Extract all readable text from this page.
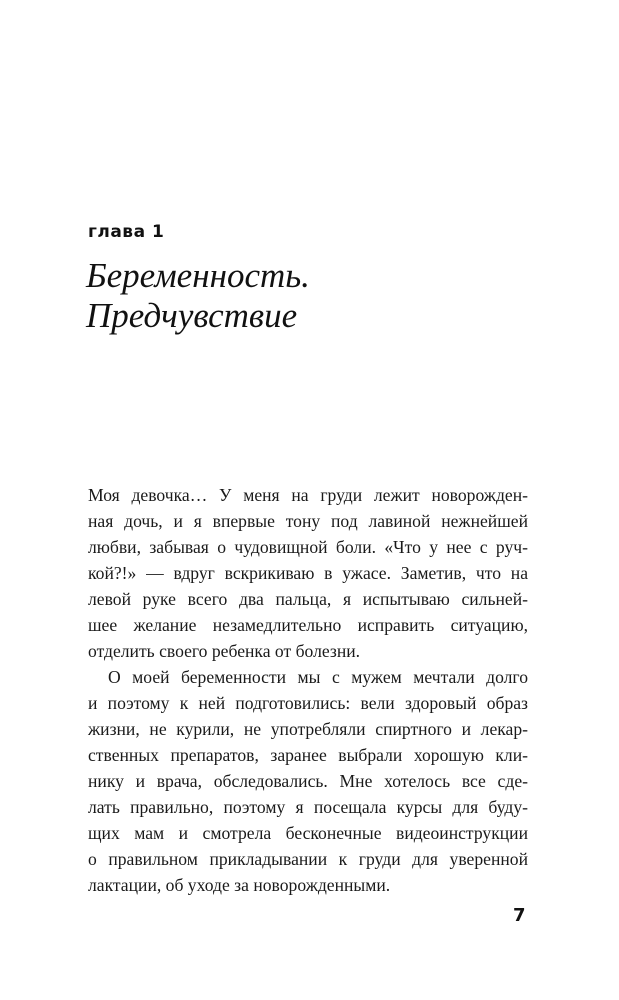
глава 1
Беременность.
Предчувствие
Моя девочка… У меня на груди лежит новорожден-
ная дочь, и я впервые тону под лавиной нежнейшей
любви, забывая о чудовищной боли. «Что у нее с руч-
кой?!» — вдруг вскрикиваю в ужасе. Заметив, что на
левой руке всего два пальца, я испытываю сильней-
шее желание незамедлительно исправить ситуацию,
отделить своего ребенка от болезни.
О моей беременности мы с мужем мечтали долго
и поэтому к ней подготовились: вели здоровый образ
жизни, не курили, не употребляли спиртного и лекар-
ственных препаратов, заранее выбрали хорошую кли-
нику и врача, обследовались. Мне хотелось все сде-
лать правильно, поэтому я посещала курсы для буду-
щих мам и смотрела бесконечные видеоинструкции
о правильном прикладывании к груди для уверенной
лактации, об уходе за новорожденными.
7
